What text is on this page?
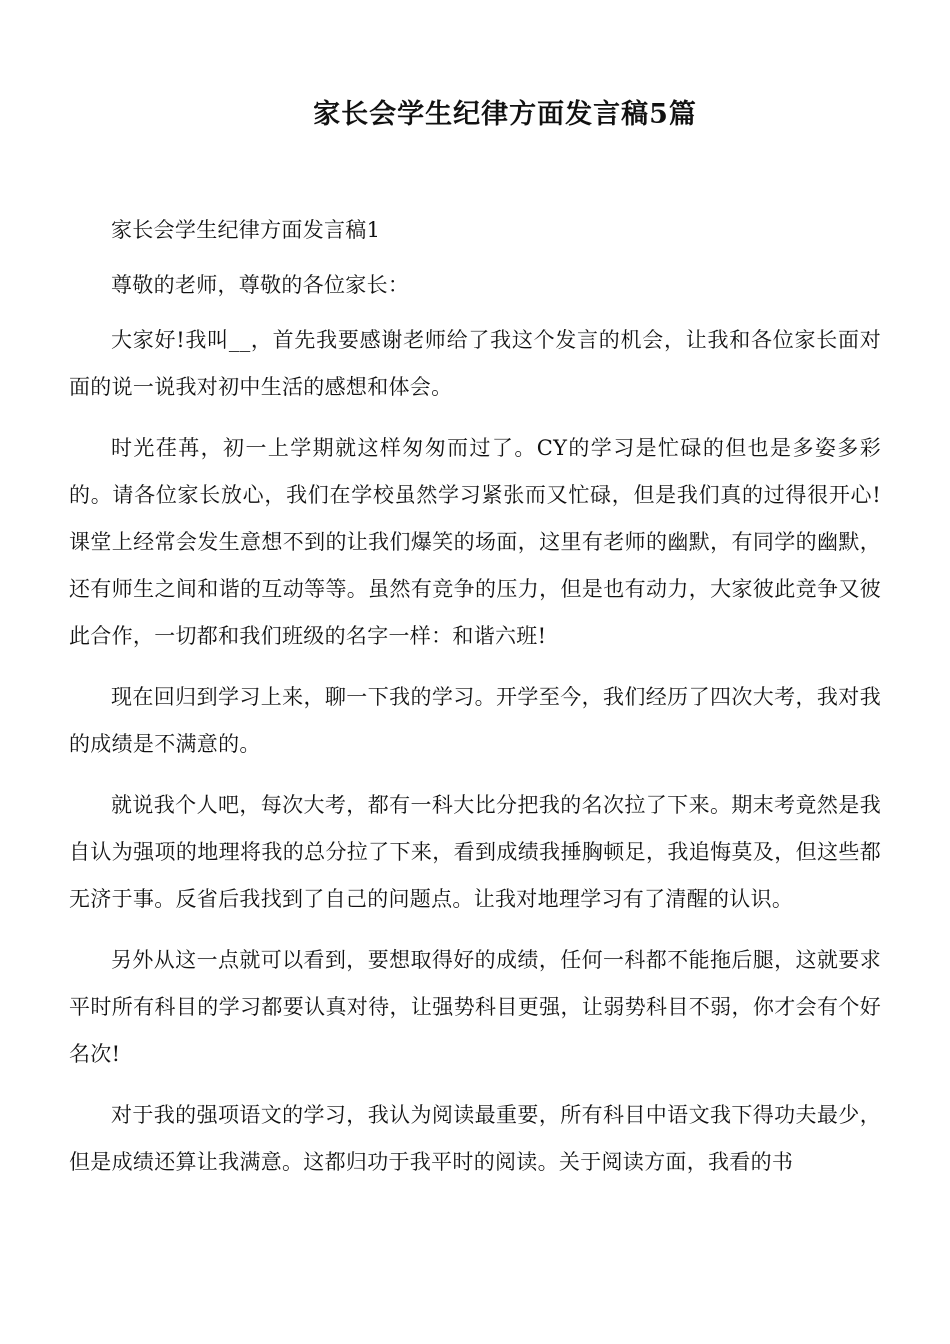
家长会学生纪律方面发言稿5篇

家长会学生纪律方面发言稿1

尊敬的老师，尊敬的各位家长：

大家好!我叫__，首先我要感谢老师给了我这个发言的机会，让我和各位家长面对面的说一说我对初中生活的感想和体会。

时光荏苒，初一上学期就这样匆匆而过了。CY的学习是忙碌的但也是多姿多彩的。请各位家长放心，我们在学校虽然学习紧张而又忙碌，但是我们真的过得很开心!课堂上经常会发生意想不到的让我们爆笑的场面，这里有老师的幽默，有同学的幽默，还有师生之间和谐的互动等等。虽然有竞争的压力，但是也有动力，大家彼此竞争又彼此合作，一切都和我们班级的名字一样：和谐六班!

现在回归到学习上来，聊一下我的学习。开学至今，我们经历了四次大考，我对我的成绩是不满意的。

就说我个人吧，每次大考，都有一科大比分把我的名次拉了下来。期末考竟然是我自认为强项的地理将我的总分拉了下来，看到成绩我捶胸顿足，我追悔莫及，但这些都无济于事。反省后我找到了自己的问题点。让我对地理学习有了清醒的认识。

另外从这一点就可以看到，要想取得好的成绩，任何一科都不能拖后腿，这就要求平时所有科目的学习都要认真对待，让强势科目更强，让弱势科目不弱，你才会有个好名次!

对于我的强项语文的学习，我认为阅读最重要，所有科目中语文我下得功夫最少，但是成绩还算让我满意。这都归功于我平时的阅读。关于阅读方面，我看的书
